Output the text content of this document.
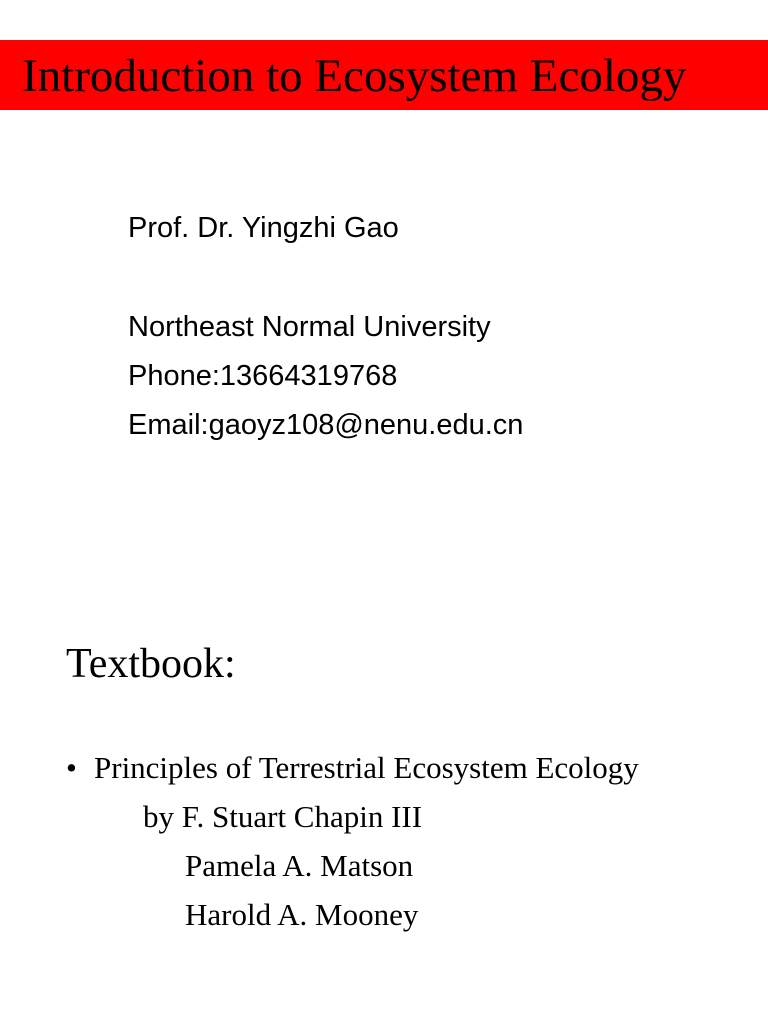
Introduction to Ecosystem Ecology
Prof. Dr. Yingzhi Gao
Northeast Normal University
Phone:13664319768
Email:gaoyz108@nenu.edu.cn
Textbook:
• Principles of Terrestrial Ecosystem Ecology
by F. Stuart Chapin III
Pamela A. Matson
Harold A. Mooney
